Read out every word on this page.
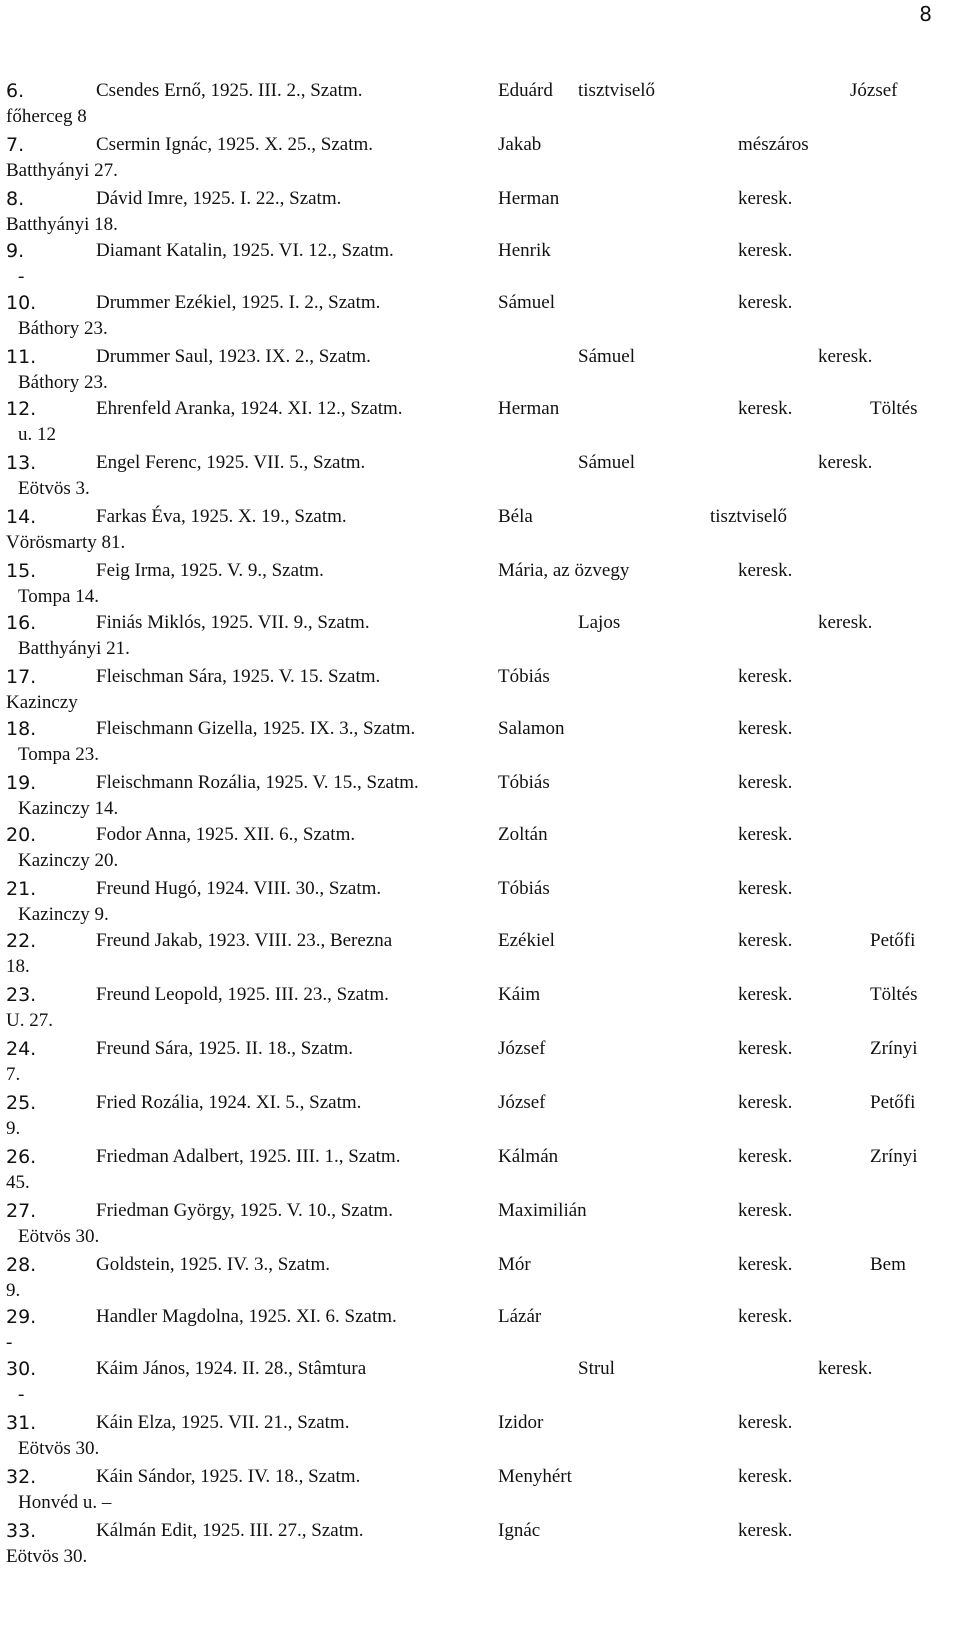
8
6.	Csendes Ernő, 1925. III. 2., Szatm.	Eduárd tisztviselő	József
főherceg 8
7.	Csermin Ignác, 1925. X. 25., Szatm.	Jakab	mészáros
Batthyányi 27.
8.	Dávid Imre, 1925. I. 22., Szatm.	Herman	keresk.
Batthyányi 18.
9.	Diamant Katalin, 1925. VI. 12., Szatm.	Henrik	keresk.
-
10.	Drummer Ezékiel, 1925. I. 2., Szatm.	Sámuel	keresk.
Báthory 23.
11.	Drummer Saul, 1923. IX. 2., Szatm.	Sámuel	keresk.
Báthory 23.
12.	Ehrenfeld Aranka, 1924. XI. 12., Szatm.	Herman	keresk.	Töltés
u. 12
13.	Engel Ferenc, 1925. VII. 5., Szatm.	Sámuel	keresk.
Eötvös 3.
14.	Farkas Éva, 1925. X. 19., Szatm.	Béla	tisztviselő
Vörösmarty 81.
15.	Feig Irma, 1925. V. 9., Szatm.	Mária, az özvegy	keresk.
Tompa 14.
16.	Finiás Miklós, 1925. VII. 9., Szatm.	Lajos	keresk.
Batthyányi 21.
17.	Fleischman Sára, 1925. V. 15. Szatm.	Tóbiás	keresk.
Kazinczy
18.	Fleischmann Gizella, 1925. IX. 3., Szatm.	Salamon	keresk.
Tompa 23.
19.	Fleischmann Rozália, 1925. V. 15., Szatm.	Tóbiás	keresk.
Kazinczy 14.
20.	Fodor Anna, 1925. XII. 6., Szatm.	Zoltán	keresk.
Kazinczy 20.
21.	Freund Hugó, 1924. VIII. 30., Szatm.	Tóbiás	keresk.
Kazinczy 9.
22.	Freund Jakab, 1923. VIII. 23., Berezna	Ezékiel	keresk.	Petőfi
18.
23.	Freund Leopold, 1925. III. 23., Szatm.	Káim	keresk.	Töltés
U. 27.
24.	Freund Sára, 1925. II. 18., Szatm.	József	keresk.	Zrínyi
7.
25.	Fried Rozália, 1924. XI. 5., Szatm.	József	keresk.	Petőfi
9.
26.	Friedman Adalbert, 1925. III. 1., Szatm.	Kálmán	keresk.	Zrínyi
45.
27.	Friedman György, 1925. V. 10., Szatm.	Maximilián	keresk.
Eötvös 30.
28.	Goldstein, 1925. IV. 3., Szatm.	Mór	keresk.	Bem
9.
29.	Handler Magdolna, 1925. XI. 6. Szatm.	Lázár	keresk.
-
30.	Káim János, 1924. II. 28., Stâmtura	Strul	keresk.
-
31.	Káin Elza, 1925. VII. 21., Szatm.	Izidor	keresk.
Eötvös 30.
32.	Káin Sándor, 1925. IV. 18., Szatm.	Menyhért	keresk.
Honvéd u. –
33.	Kálmán Edit, 1925. III. 27., Szatm.	Ignác	keresk.
Eötvös 30.
